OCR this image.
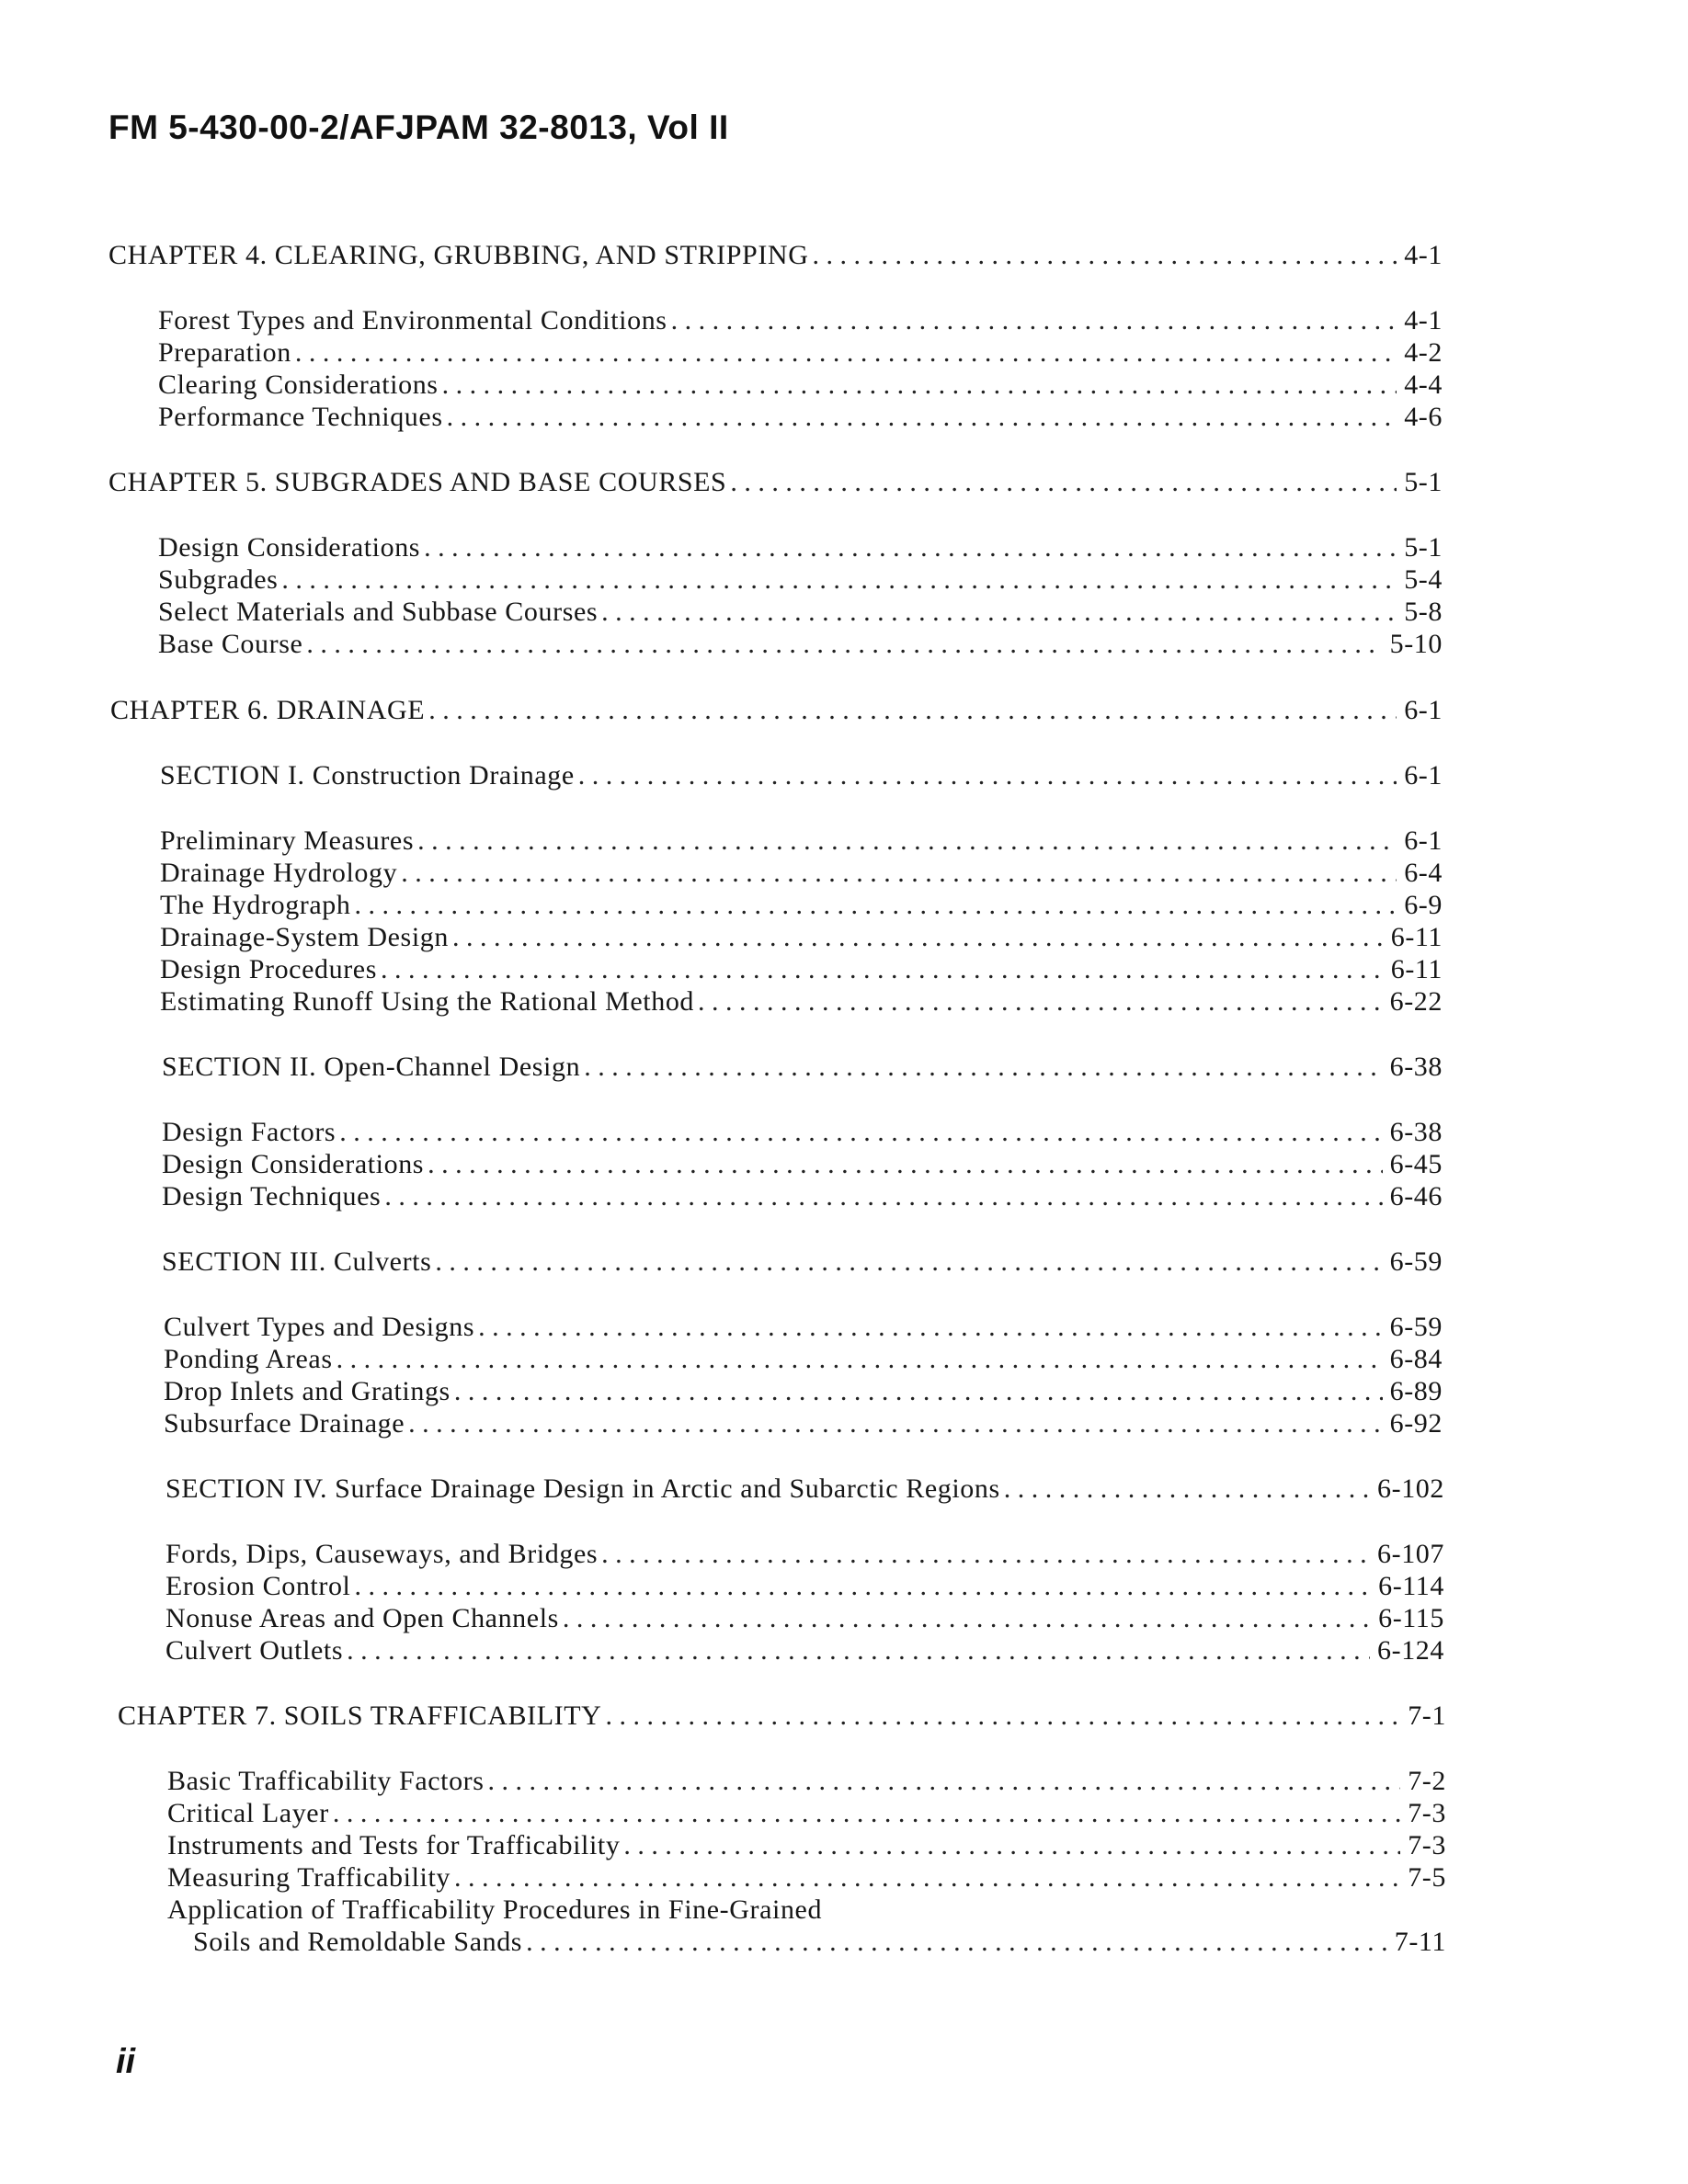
FM 5-430-00-2/AFJPAM 32-8013, Vol II
CHAPTER 4. CLEARING, GRUBBING, AND STRIPPING . . .	4-1
Forest Types and Environmental Conditions . . .	4-1
Preparation . . .	4-2
Clearing Considerations . . .	4-4
Performance Techniques . . .	4-6
CHAPTER 5. SUBGRADES AND BASE COURSES . . .	5-1
Design Considerations . . .	5-1
Subgrades . . .	5-4
Select Materials and Subbase Courses . . .	5-8
Base Course . . .	5-10
CHAPTER 6. DRAINAGE . . .	6-1
SECTION I. Construction Drainage . . .	6-1
Preliminary Measures . . .	6-1
Drainage Hydrology . . .	6-4
The Hydrograph . . .	6-9
Drainage-System Design . . .	6-11
Design Procedures . . .	6-11
Estimating Runoff Using the Rational Method . . .	6-22
SECTION II. Open-Channel Design . . .	6-38
Design Factors . . .	6-38
Design Considerations . . .	6-45
Design Techniques . . .	6-46
SECTION III. Culverts . . .	6-59
Culvert Types and Designs . . .	6-59
Ponding Areas . . .	6-84
Drop Inlets and Gratings . . .	6-89
Subsurface Drainage . . .	6-92
SECTION IV. Surface Drainage Design in Arctic and Subarctic Regions . . .	6-102
Fords, Dips, Causeways, and Bridges . . .	6-107
Erosion Control . . .	6-114
Nonuse Areas and Open Channels . . .	6-115
Culvert Outlets . . .	6-124
CHAPTER 7. SOILS TRAFFICABILITY . . .	7-1
Basic Trafficability Factors . . .	7-2
Critical Layer . . .	7-3
Instruments and Tests for Trafficability . . .	7-3
Measuring Trafficability . . .	7-5
Application of Trafficability Procedures in Fine-Grained
Soils and Remoldable Sands . . .	7-11
ii
